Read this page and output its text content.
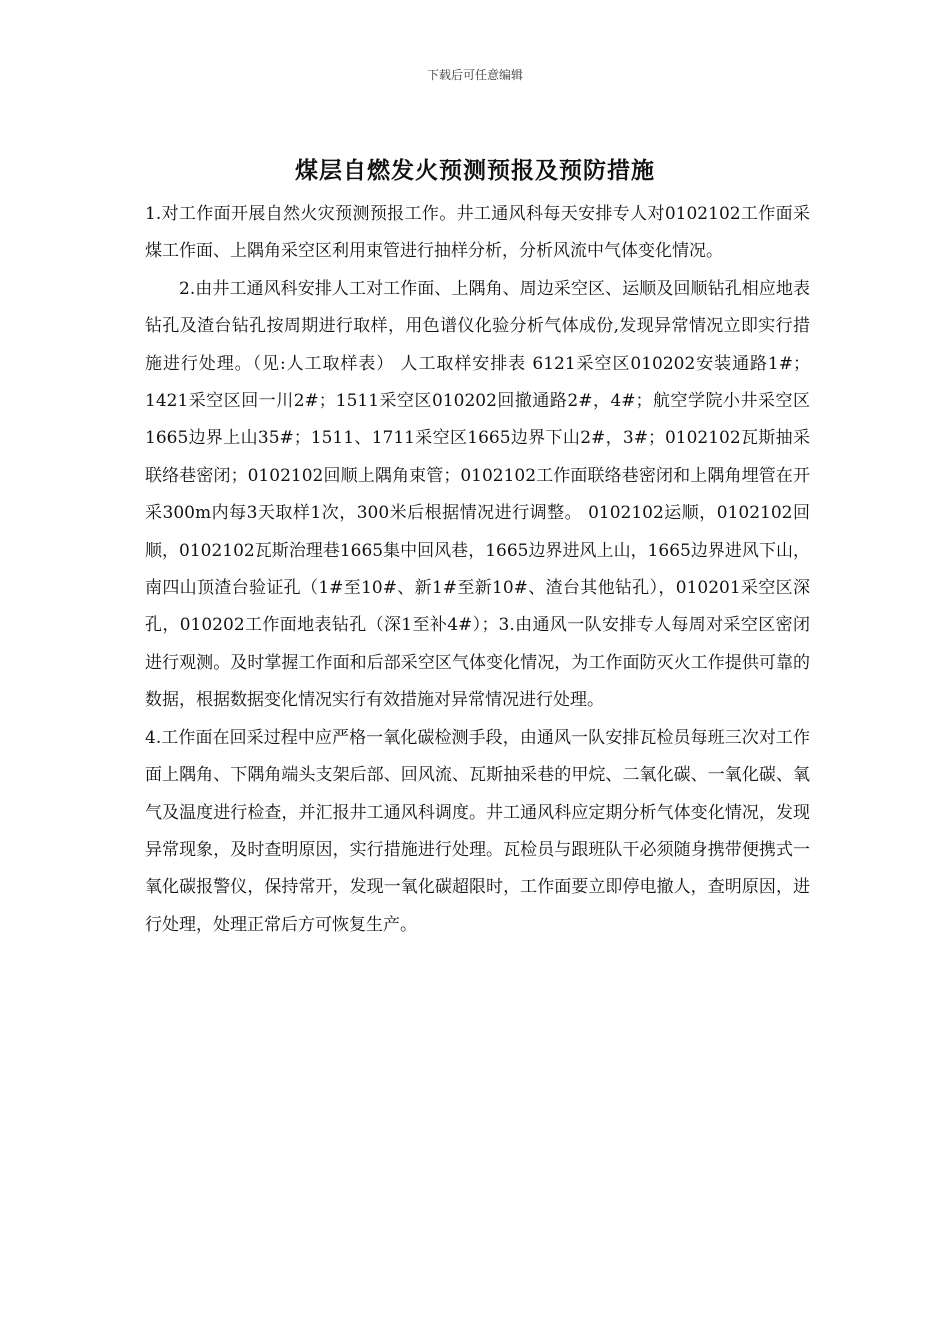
下载后可任意编辑
煤层自燃发火预测预报及预防措施

1.对工作面开展自然火灾预测预报工作。井工通风科每天安排专人对0102102工作面采煤工作面、上隅角采空区利用束管进行抽样分析，分析风流中气体变化情况。

2.由井工通风科安排人工对工作面、上隅角、周边采空区、运顺及回顺钻孔相应地表钻孔及渣台钻孔按周期进行取样，用色谱仪化验分析气体成份,发现异常情况立即实行措施进行处理。（见:人工取样表） 人工取样安排表 6121采空区010202安装通路1#；1421采空区回一川2#；1511采空区010202回撤通路2#，4#；航空学院小井采空区1665边界上山35#；1511、1711采空区1665边界下山2#，3#；0102102瓦斯抽采联络巷密闭；0102102回顺上隅角束管；0102102工作面联络巷密闭和上隅角埋管在开采300m内每3天取样1次，300米后根据情况进行调整。 0102102运顺，0102102回顺，0102102瓦斯治理巷1665集中回风巷，1665边界进风上山，1665边界进风下山， 南四山顶渣台验证孔（1#至10#、新1#至新10#、渣台其他钻孔），010201采空区深孔，010202工作面地表钻孔（深1至补4#）；3.由通风一队安排专人每周对采空区密闭进行观测。及时掌握工作面和后部采空区气体变化情况，为工作面防灭火工作提供可靠的数据，根据数据变化情况实行有效措施对异常情况进行处理。

4.工作面在回采过程中应严格一氧化碳检测手段，由通风一队安排瓦检员每班三次对工作面上隅角、下隅角端头支架后部、回风流、瓦斯抽采巷的甲烷、二氧化碳、一氧化碳、氧气及温度进行检查，并汇报井工通风科调度。井工通风科应定期分析气体变化情况，发现异常现象，及时查明原因，实行措施进行处理。瓦检员与跟班队干必须随身携带便携式一氧化碳报警仪，保持常开，发现一氧化碳超限时，工作面要立即停电撤人，查明原因，进行处理，处理正常后方可恢复生产。
